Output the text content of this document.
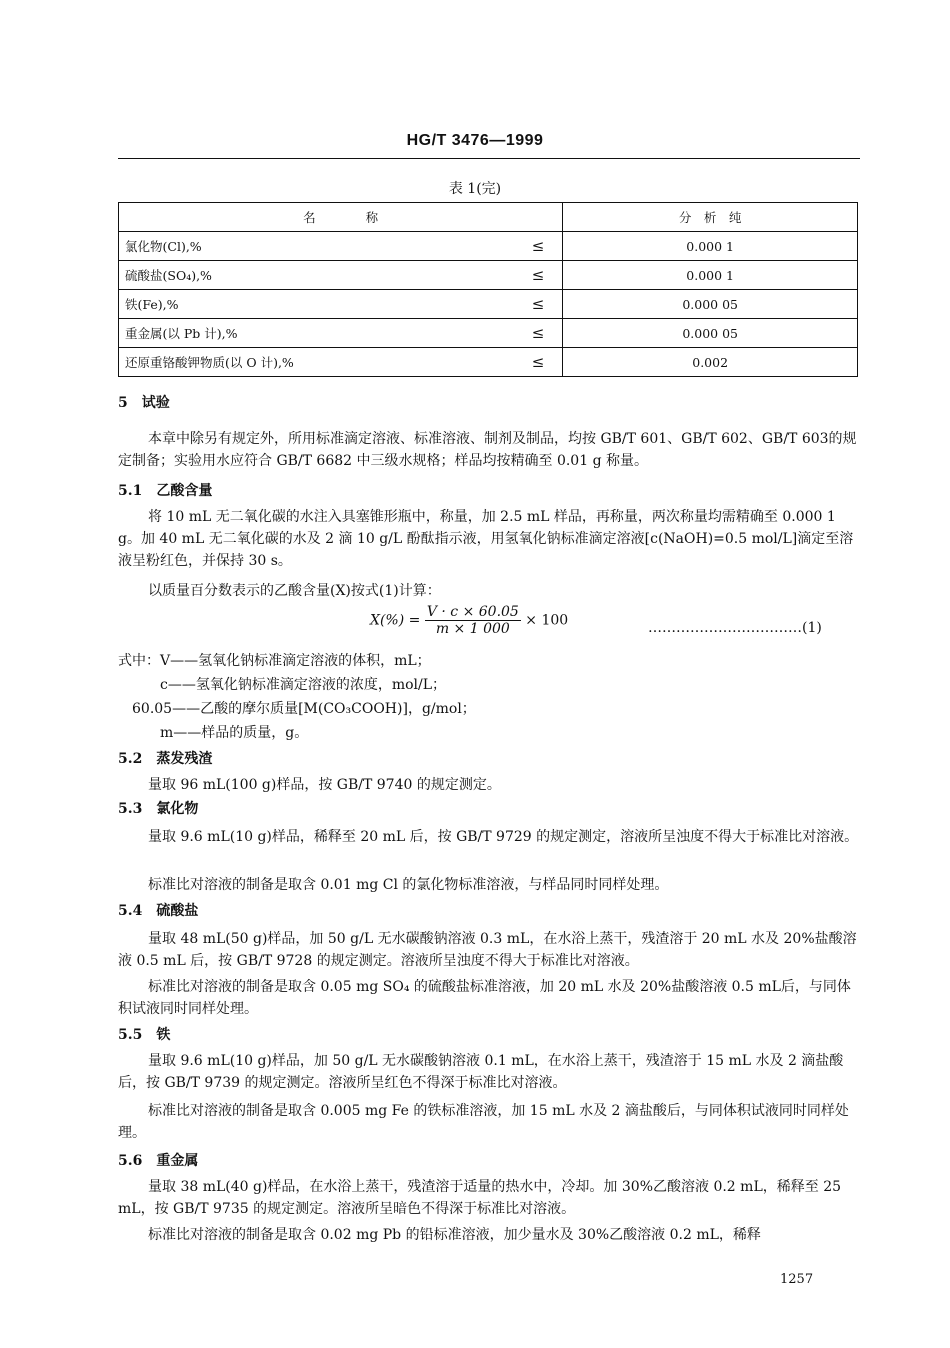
HG/T 3476—1999
表 1(完)
名　　　　称		分　析　纯
氯化物(Cl),%	≤	0.000 1
硫酸盐(SO₄),%	≤	0.000 1
铁(Fe),%	≤	0.000 05
重金属(以 Pb 计),%	≤	0.000 05
还原重铬酸钾物质(以 O 计),%	≤	0.002
5　试验
本章中除另有规定外，所用标准滴定溶液、标准溶液、制剂及制品，均按 GB/T 601、GB/T 602、GB/T 603的规定制备；实验用水应符合 GB/T 6682 中三级水规格；样品均按精确至 0.01 g 称量。
5.1　乙酸含量
将 10 mL 无二氧化碳的水注入具塞锥形瓶中，称量，加 2.5 mL 样品，再称量，两次称量均需精确至 0.000 1 g。加 40 mL 无二氧化碳的水及 2 滴 10 g/L 酚酞指示液，用氢氧化钠标准滴定溶液[c(NaOH)=0.5 mol/L]滴定至溶液呈粉红色，并保持 30 s。
以质量百分数表示的乙酸含量(X)按式(1)计算：
$X(\%) = \frac{V \cdot c \times 60.05}{m \times 1 000} \times 100$	……………………………(1)
式中： V——氢氧化钠标准滴定溶液的体积，mL；
c——氢氧化钠标准滴定溶液的浓度，mol/L；
60.05——乙酸的摩尔质量[M(CO₃COOH)]，g/mol；
m——样品的质量，g。
5.2　蒸发残渣
量取 96 mL(100 g)样品，按 GB/T 9740 的规定测定。
5.3　氯化物
量取 9.6 mL(10 g)样品，稀释至 20 mL 后，按 GB/T 9729 的规定测定，溶液所呈浊度不得大于标准比对溶液。
标准比对溶液的制备是取含 0.01 mg Cl 的氯化物标准溶液，与样品同时同样处理。
5.4　硫酸盐
量取 48 mL(50 g)样品，加 50 g/L 无水碳酸钠溶液 0.3 mL，在水浴上蒸干，残渣溶于 20 mL 水及 20%盐酸溶液 0.5 mL 后，按 GB/T 9728 的规定测定。溶液所呈浊度不得大于标准比对溶液。
标准比对溶液的制备是取含 0.05 mg SO₄ 的硫酸盐标准溶液，加 20 mL 水及 20%盐酸溶液 0.5 mL后，与同体积试液同时同样处理。
5.5　铁
量取 9.6 mL(10 g)样品，加 50 g/L 无水碳酸钠溶液 0.1 mL，在水浴上蒸干，残渣溶于 15 mL 水及 2 滴盐酸后，按 GB/T 9739 的规定测定。溶液所呈红色不得深于标准比对溶液。
标准比对溶液的制备是取含 0.005 mg Fe 的铁标准溶液，加 15 mL 水及 2 滴盐酸后，与同体积试液同时同样处理。
5.6　重金属
量取 38 mL(40 g)样品，在水浴上蒸干，残渣溶于适量的热水中，冷却。加 30%乙酸溶液 0.2 mL，稀释至 25 mL，按 GB/T 9735 的规定测定。溶液所呈暗色不得深于标准比对溶液。
标准比对溶液的制备是取含 0.02 mg Pb 的铅标准溶液，加少量水及 30%乙酸溶液 0.2 mL，稀释
1257
